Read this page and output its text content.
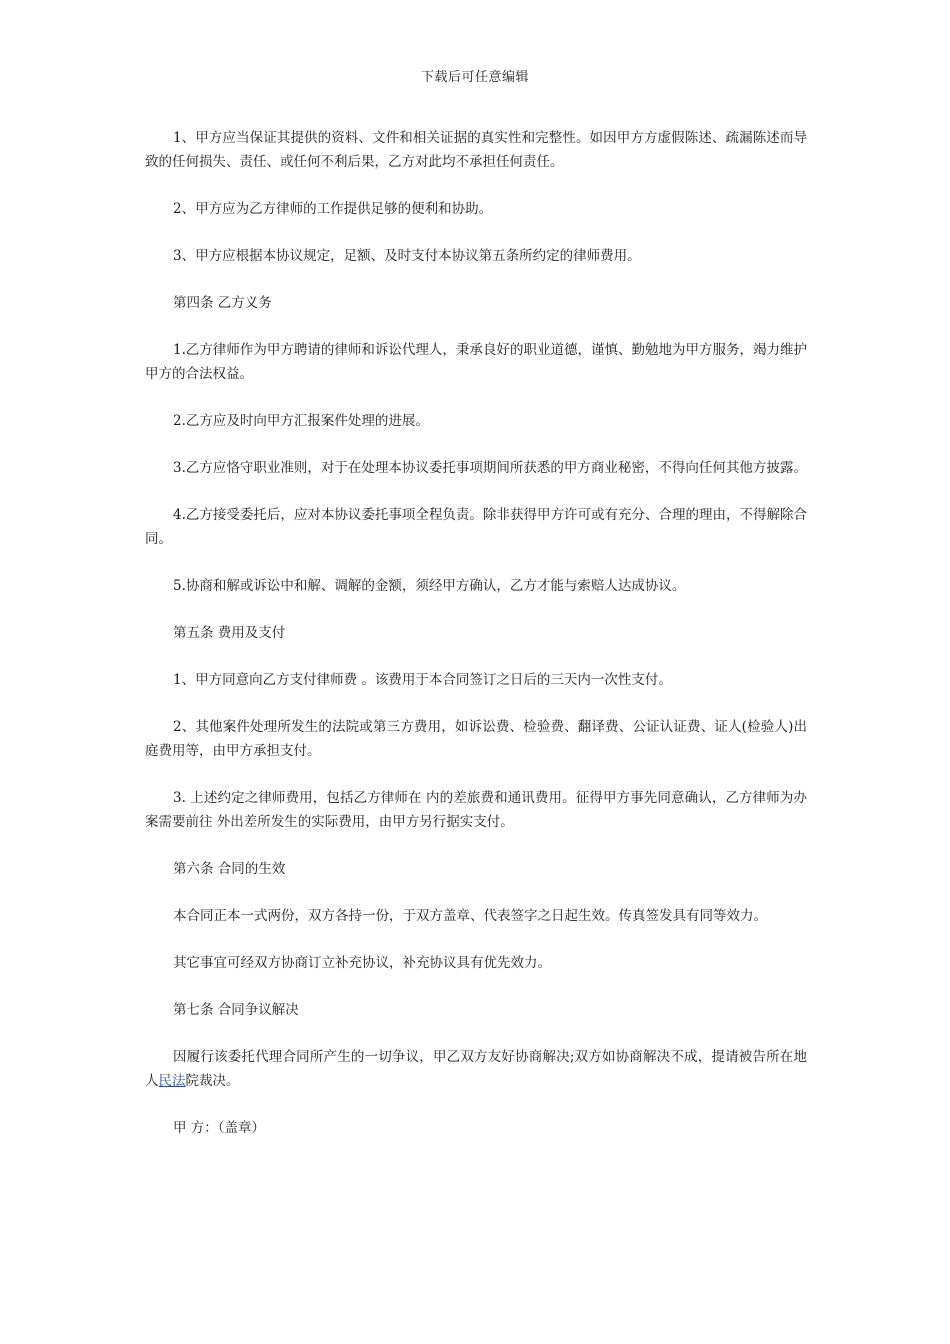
下载后可任意编辑

1、甲方应当保证其提供的资料、文件和相关证据的真实性和完整性。如因甲方方虚假陈述、疏漏陈述而导致的任何损失、责任、或任何不利后果，乙方对此均不承担任何责任。

2、甲方应为乙方律师的工作提供足够的便利和协助。

3、甲方应根据本协议规定，足额、及时支付本协议第五条所约定的律师费用。

第四条 乙方义务

1.乙方律师作为甲方聘请的律师和诉讼代理人，秉承良好的职业道德，谨慎、勤勉地为甲方服务，竭力维护甲方的合法权益。

2.乙方应及时向甲方汇报案件处理的进展。

3.乙方应恪守职业准则，对于在处理本协议委托事项期间所获悉的甲方商业秘密，不得向任何其他方披露。

4.乙方接受委托后，应对本协议委托事项全程负责。除非获得甲方许可或有充分、合理的理由，不得解除合同。

5.协商和解或诉讼中和解、调解的金额，须经甲方确认，乙方才能与索赔人达成协议。

第五条 费用及支付

1、甲方同意向乙方支付律师费 。该费用于本合同签订之日后的三天内一次性支付。

2、其他案件处理所发生的法院或第三方费用，如诉讼费、检验费、翻译费、公证认证费、证人(检验人)出庭费用等，由甲方承担支付。

3. 上述约定之律师费用，包括乙方律师在 内的差旅费和通讯费用。征得甲方事先同意确认，乙方律师为办案需要前往 外出差所发生的实际费用，由甲方另行据实支付。

第六条 合同的生效

本合同正本一式两份，双方各持一份，于双方盖章、代表签字之日起生效。传真签发具有同等效力。

其它事宜可经双方协商订立补充协议，补充协议具有优先效力。

第七条 合同争议解决

因履行该委托代理合同所产生的一切争议，甲乙双方友好协商解决;双方如协商解决不成，提请被告所在地人民法院裁决。

甲 方：（盖章）
